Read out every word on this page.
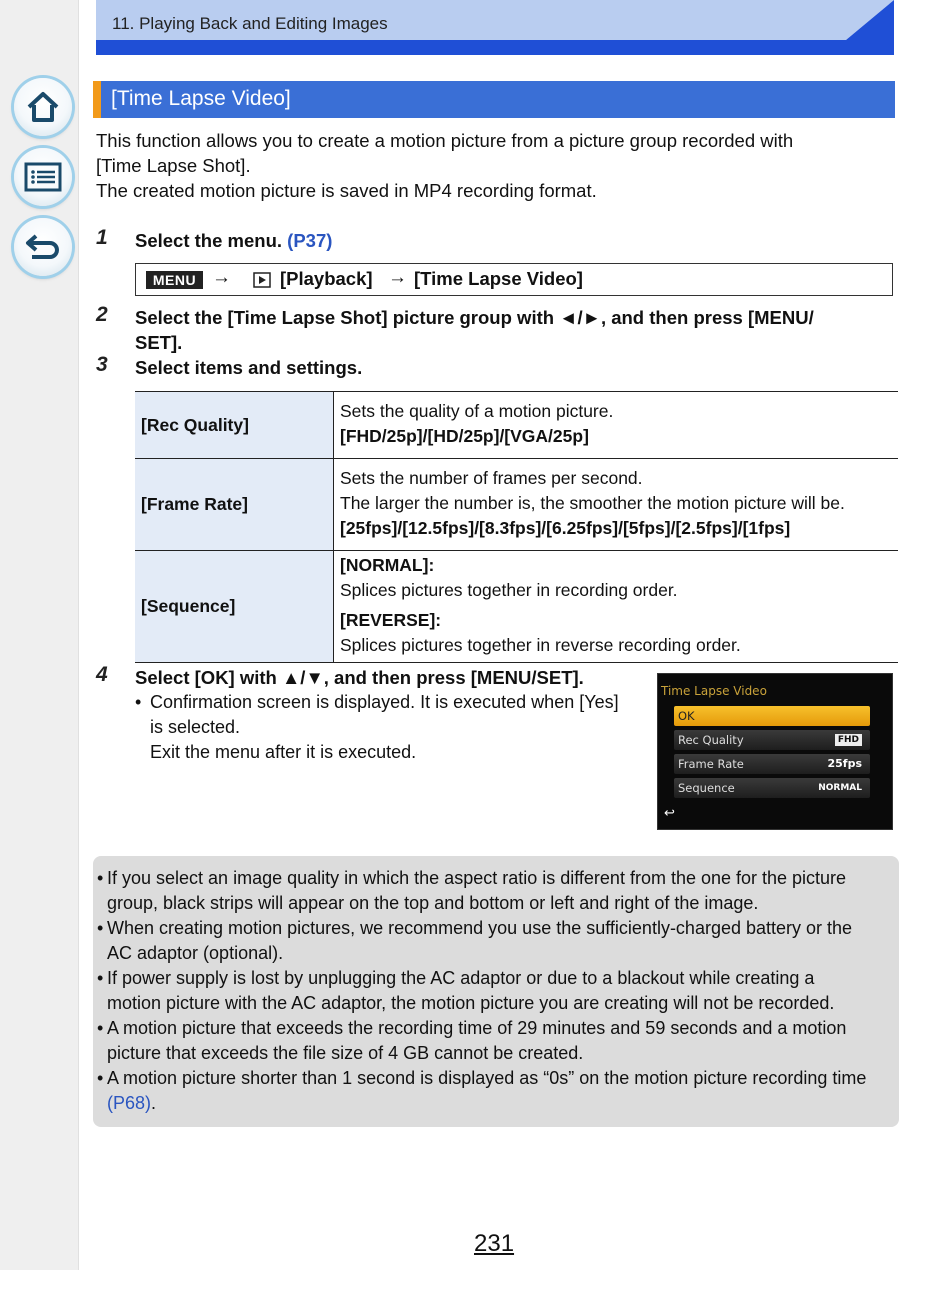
11. Playing Back and Editing Images
[Time Lapse Video]
This function allows you to create a motion picture from a picture group recorded with
[Time Lapse Shot].
The created motion picture is saved in MP4 recording format.
1 Select the menu. (P37)
MENU →	[Playback] → [Time Lapse Video]
2 Select the [Time Lapse Shot] picture group with ◄/►, and then press [MENU/
SET].
3 Select items and settings.
[Rec Quality]	Sets the quality of a motion picture.
[FHD/25p]/[HD/25p]/[VGA/25p]

[Frame Rate]	Sets the number of frames per second.
The larger the number is, the smoother the motion picture will be.
[25fps]/[12.5fps]/[8.3fps]/[6.25fps]/[5fps]/[2.5fps]/[1fps]

[Sequence]	[NORMAL]:
Splices pictures together in recording order.
[REVERSE]:
Splices pictures together in reverse recording order.
4 Select [OK] with ▲/▼, and then press [MENU/SET].
• Confirmation screen is displayed. It is executed when [Yes]
is selected.
Exit the menu after it is executed.
Time Lapse Video
OK
Rec Quality	FHD
Frame Rate	25fps
Sequence	NORMAL
↩
• If you select an image quality in which the aspect ratio is different from the one for the picture
group, black strips will appear on the top and bottom or left and right of the image.
• When creating motion pictures, we recommend you use the sufficiently-charged battery or the
AC adaptor (optional).
• If power supply is lost by unplugging the AC adaptor or due to a blackout while creating a
motion picture with the AC adaptor, the motion picture you are creating will not be recorded.
• A motion picture that exceeds the recording time of 29 minutes and 59 seconds and a motion
picture that exceeds the file size of 4 GB cannot be created.
• A motion picture shorter than 1 second is displayed as “0s” on the motion picture recording time
(P68).
231
